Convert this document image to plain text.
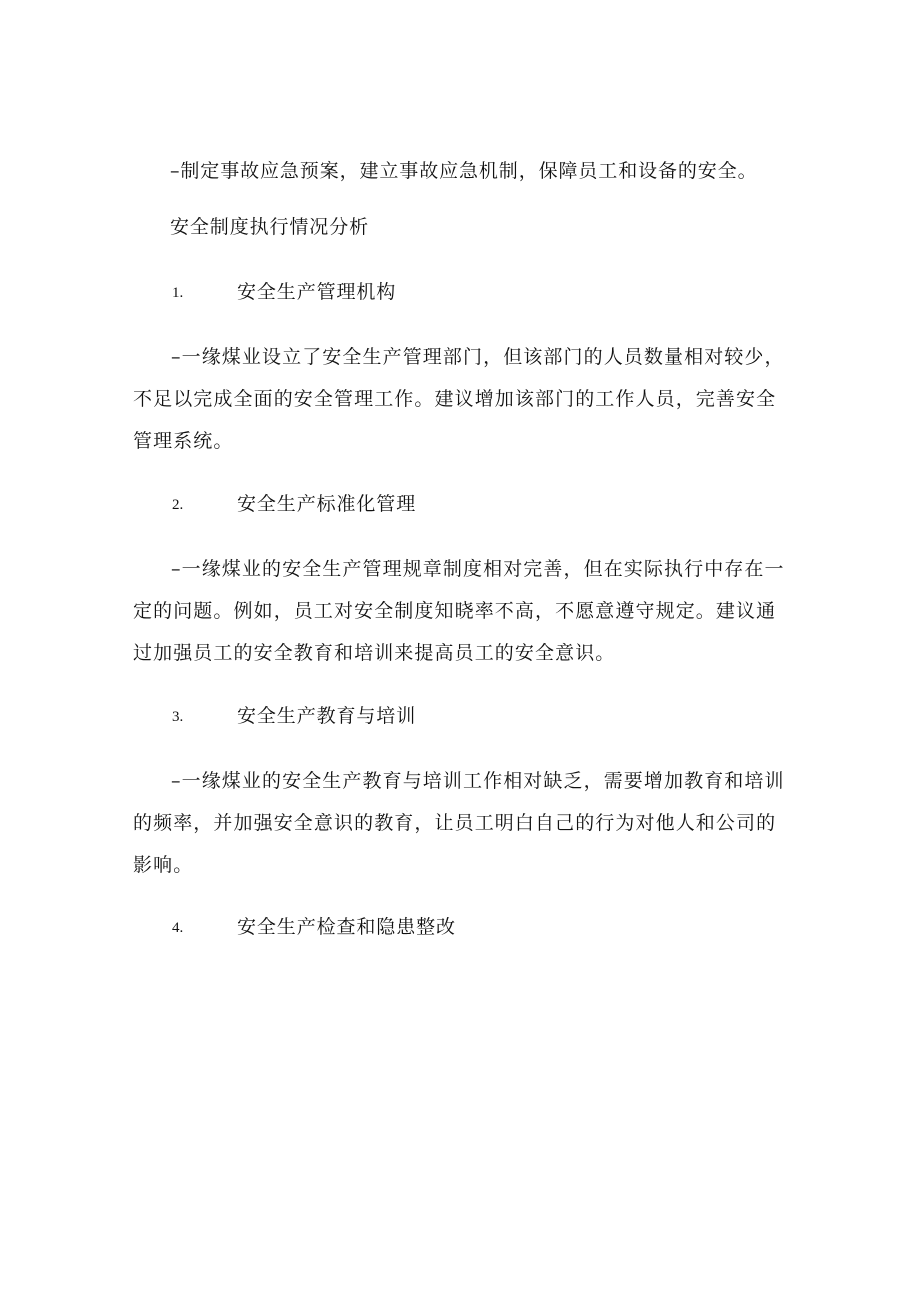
–制定事故应急预案，建立事故应急机制，保障员工和设备的安全。
安全制度执行情况分析
1.	安全生产管理机构
–一缘煤业设立了安全生产管理部门，但该部门的人员数量相对较少，不足以完成全面的安全管理工作。建议增加该部门的工作人员，完善安全管理系统。
2.	安全生产标准化管理
–一缘煤业的安全生产管理规章制度相对完善，但在实际执行中存在一定的问题。例如，员工对安全制度知晓率不高，不愿意遵守规定。建议通过加强员工的安全教育和培训来提高员工的安全意识。
3.	安全生产教育与培训
–一缘煤业的安全生产教育与培训工作相对缺乏，需要增加教育和培训的频率，并加强安全意识的教育，让员工明白自己的行为对他人和公司的影响。
4.	安全生产检查和隐患整改
